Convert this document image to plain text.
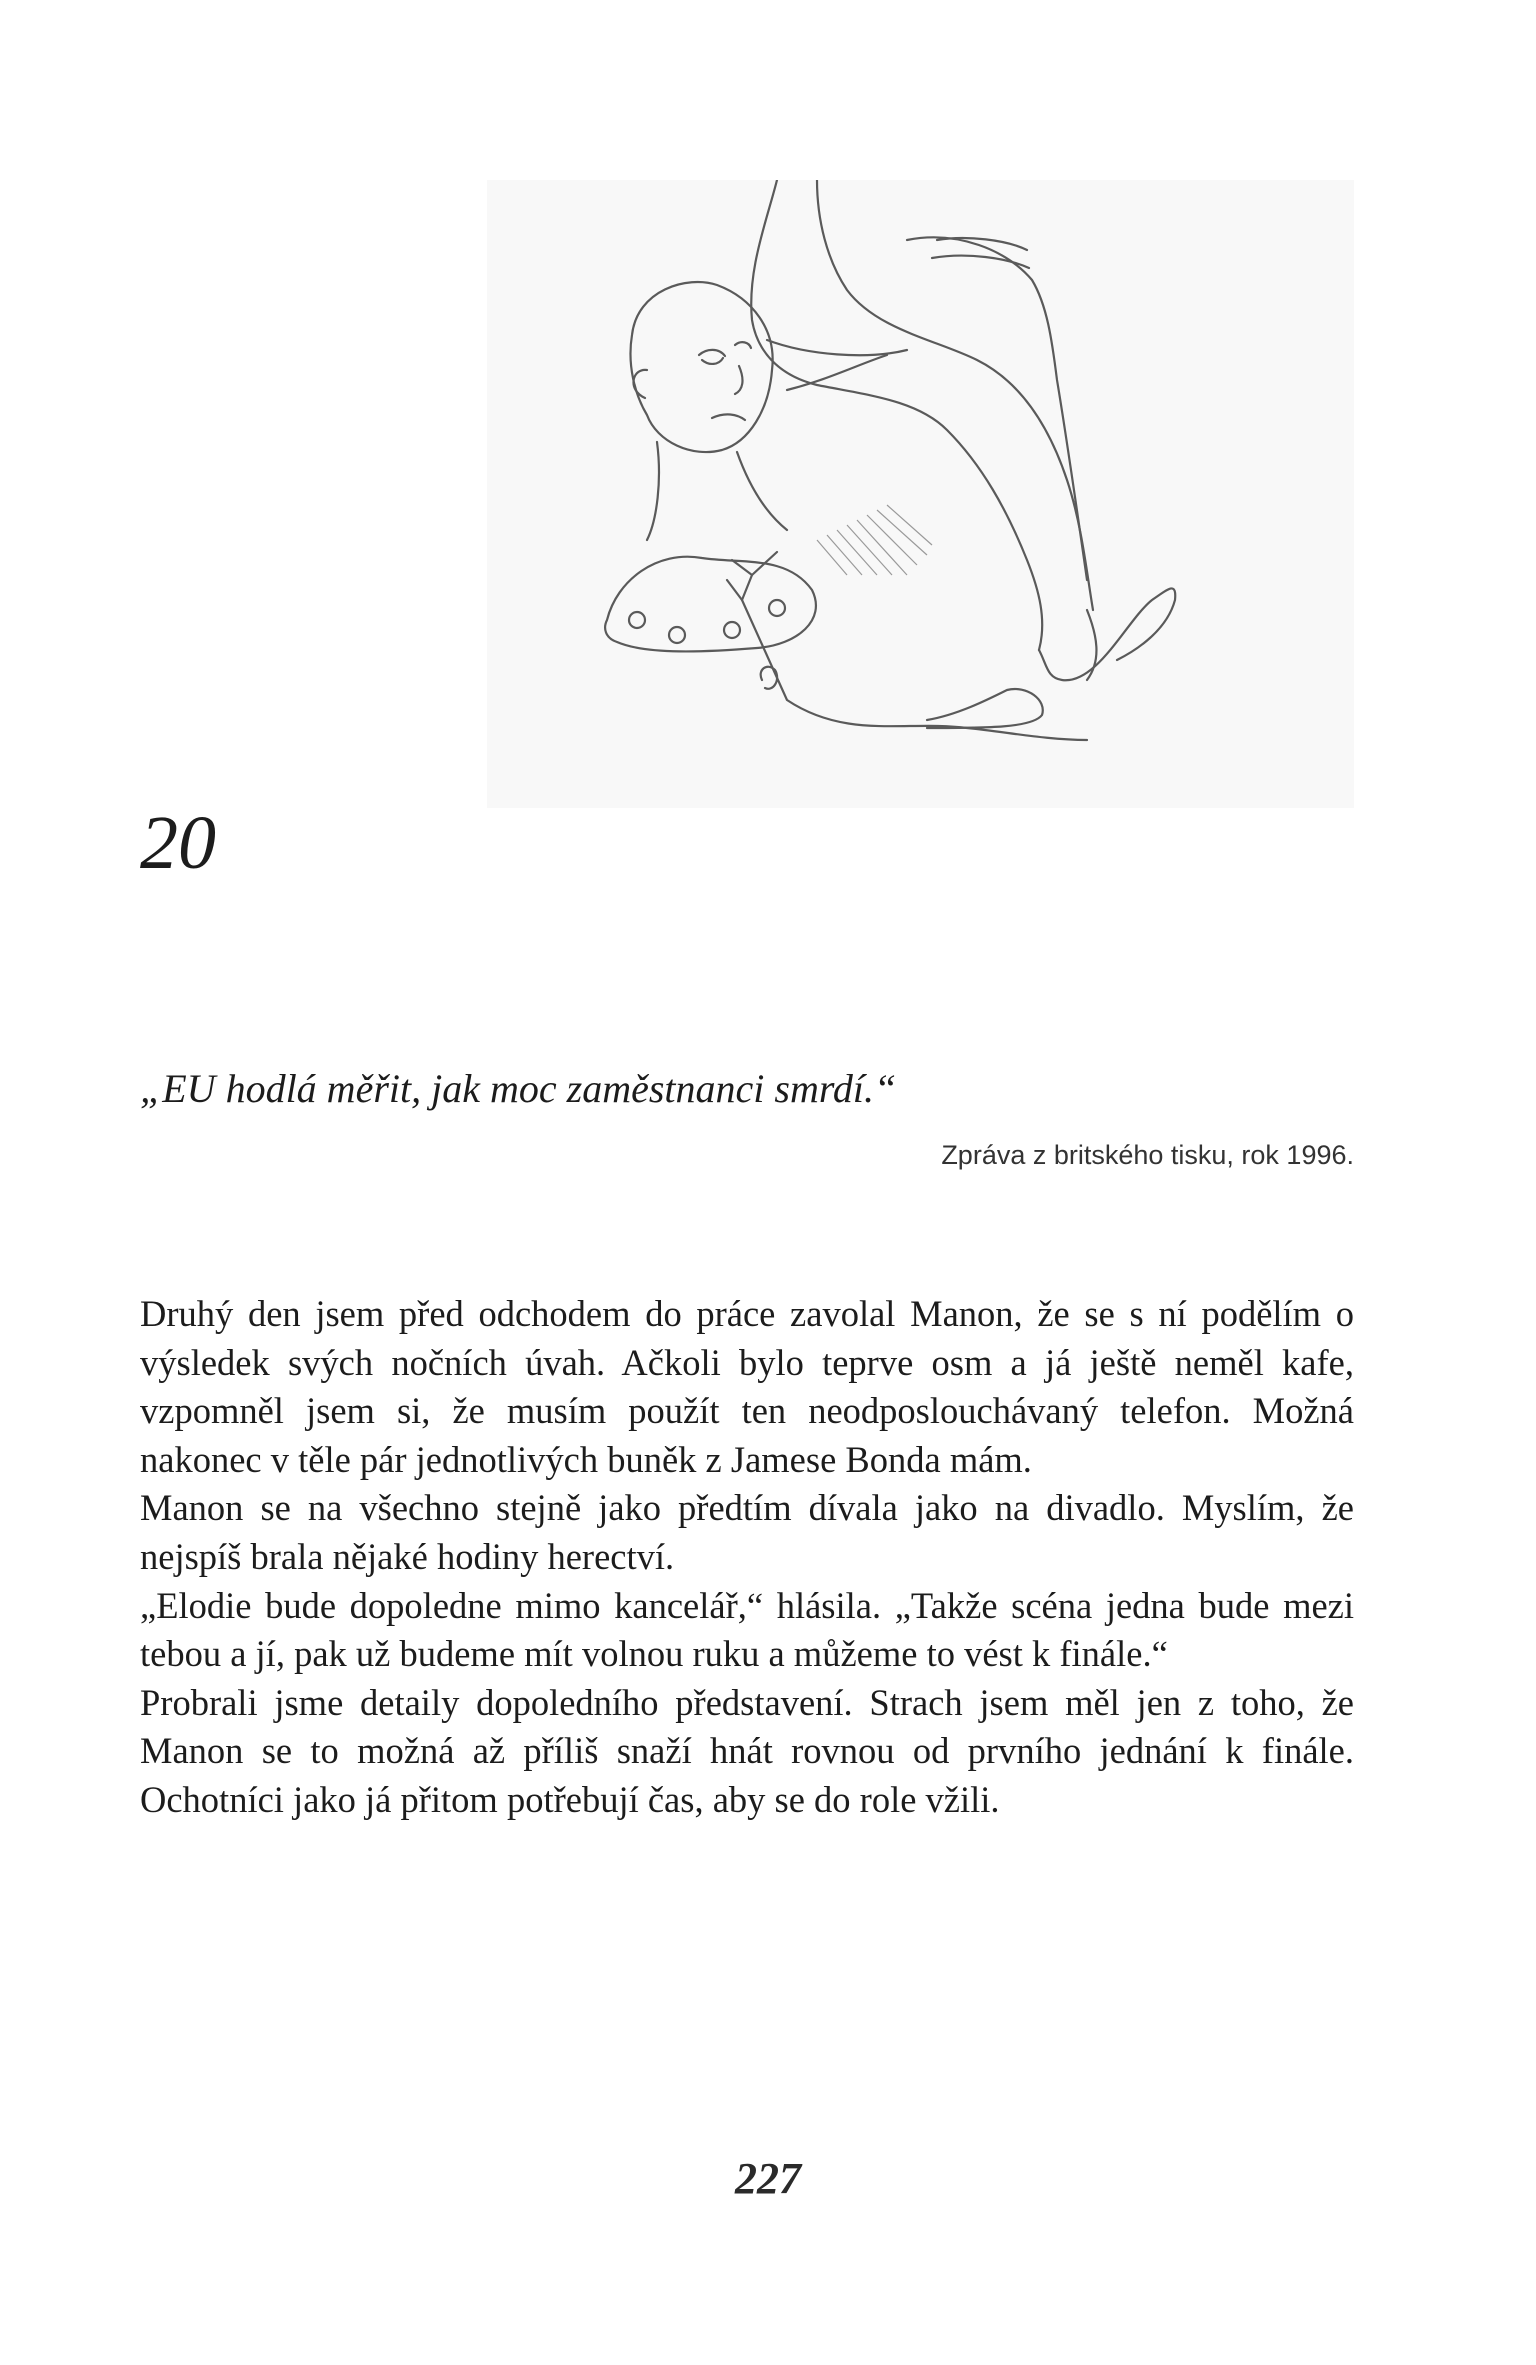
20
„EU hodlá měřit, jak moc zaměstnanci smrdí.“
Zpráva z britského tisku, rok 1996.

Druhý den jsem před odchodem do práce zavolal Manon, že se s ní podělím o výsledek svých nočních úvah. Ačkoli bylo teprve osm a já ještě neměl kafe, vzpomněl jsem si, že musím použít ten neodposlouchávaný telefon. Možná nakonec v těle pár jednotlivých buněk z Jamese Bonda mám.

Manon se na všechno stejně jako předtím dívala jako na divadlo. Myslím, že nejspíš brala nějaké hodiny herectví.

„Elodie bude dopoledne mimo kancelář,“ hlásila. „Takže scéna jedna bude mezi tebou a jí, pak už budeme mít volnou ruku a můžeme to vést k finále.“

Probrali jsme detaily dopoledního představení. Strach jsem měl jen z toho, že Manon se to možná až příliš snaží hnát rovnou od prvního jednání k finále. Ochotníci jako já přitom potřebují čas, aby se do role vžili.

227
